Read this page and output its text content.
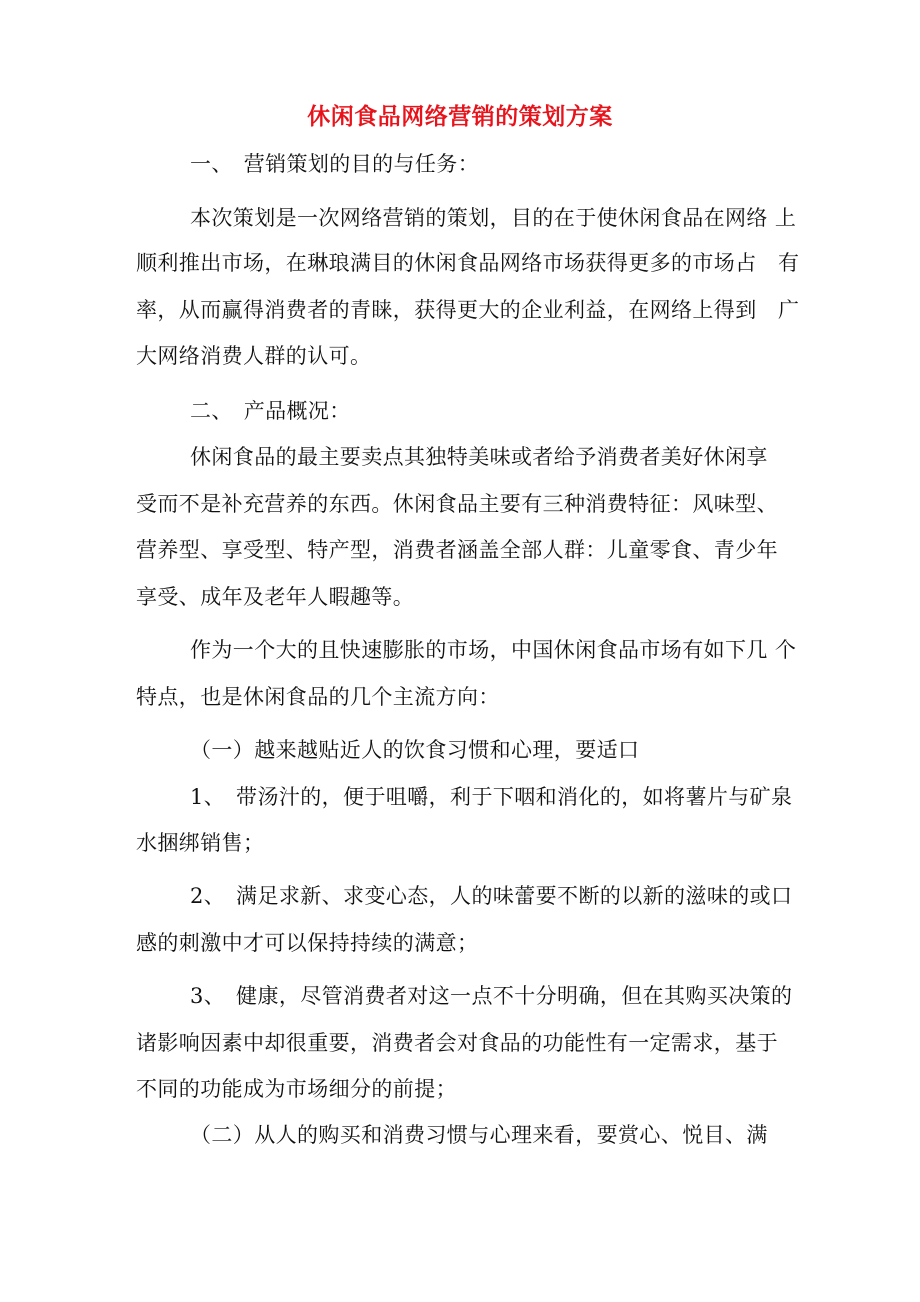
休闲食品网络营销的策划方案
一、　营销策划的目的与任务：
本次策划是一次网络营销的策划，目的在于使休闲食品在网络 上
顺利推出市场，在琳琅满目的休闲食品网络市场获得更多的市场占　有
率，从而赢得消费者的青睐，获得更大的企业利益，在网络上得到　广
大网络消费人群的认可。
二、　产品概况：
休闲食品的最主要卖点其独特美味或者给予消费者美好休闲享
受而不是补充营养的东西。休闲食品主要有三种消费特征：风味型、
营养型、享受型、特产型，消费者涵盖全部人群：儿童零食、青少年
享受、成年及老年人暇趣等。
作为一个大的且快速膨胀的市场，中国休闲食品市场有如下几 个
特点，也是休闲食品的几个主流方向：
（一）越来越贴近人的饮食习惯和心理，要适口
1、　带汤汁的，便于咀嚼，利于下咽和消化的，如将薯片与矿泉
水捆绑销售；
2、　满足求新、求变心态，人的味蕾要不断的以新的滋味的或口
感的刺激中才可以保持持续的满意；
3、　健康，尽管消费者对这一点不十分明确，但在其购买决策的
诸影响因素中却很重要，消费者会对食品的功能性有一定需求，基于
不同的功能成为市场细分的前提；
（二）从人的购买和消费习惯与心理来看，要赏心、悦目、满
